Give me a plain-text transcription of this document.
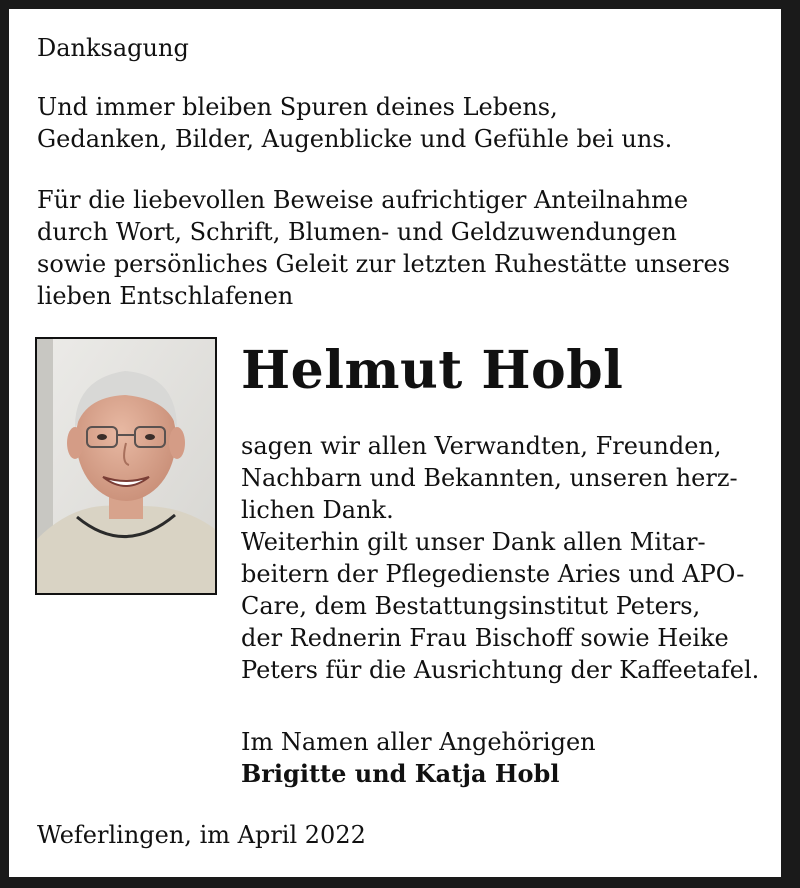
Danksagung

Und immer bleiben Spuren deines Lebens,
Gedanken, Bilder, Augenblicke und Gefühle bei uns.
Für die liebevollen Beweise aufrichtiger Anteilnahme
durch Wort, Schrift, Blumen- und Geldzuwendungen
sowie persönliches Geleit zur letzten Ruhestätte unseres
lieben Entschlafenen
Helmut Hobl
sagen wir allen Verwandten, Freunden,
Nachbarn und Bekannten, unseren herz-
lichen Dank.
Weiterhin gilt unser Dank allen Mitar-
beitern der Pflegedienste Aries und APO-
Care, dem Bestattungsinstitut Peters,
der Rednerin Frau Bischoff sowie Heike
Peters für die Ausrichtung der Kaffeetafel.
Im Namen aller Angehörigen
Brigitte und Katja Hobl

Weferlingen, im April 2022
